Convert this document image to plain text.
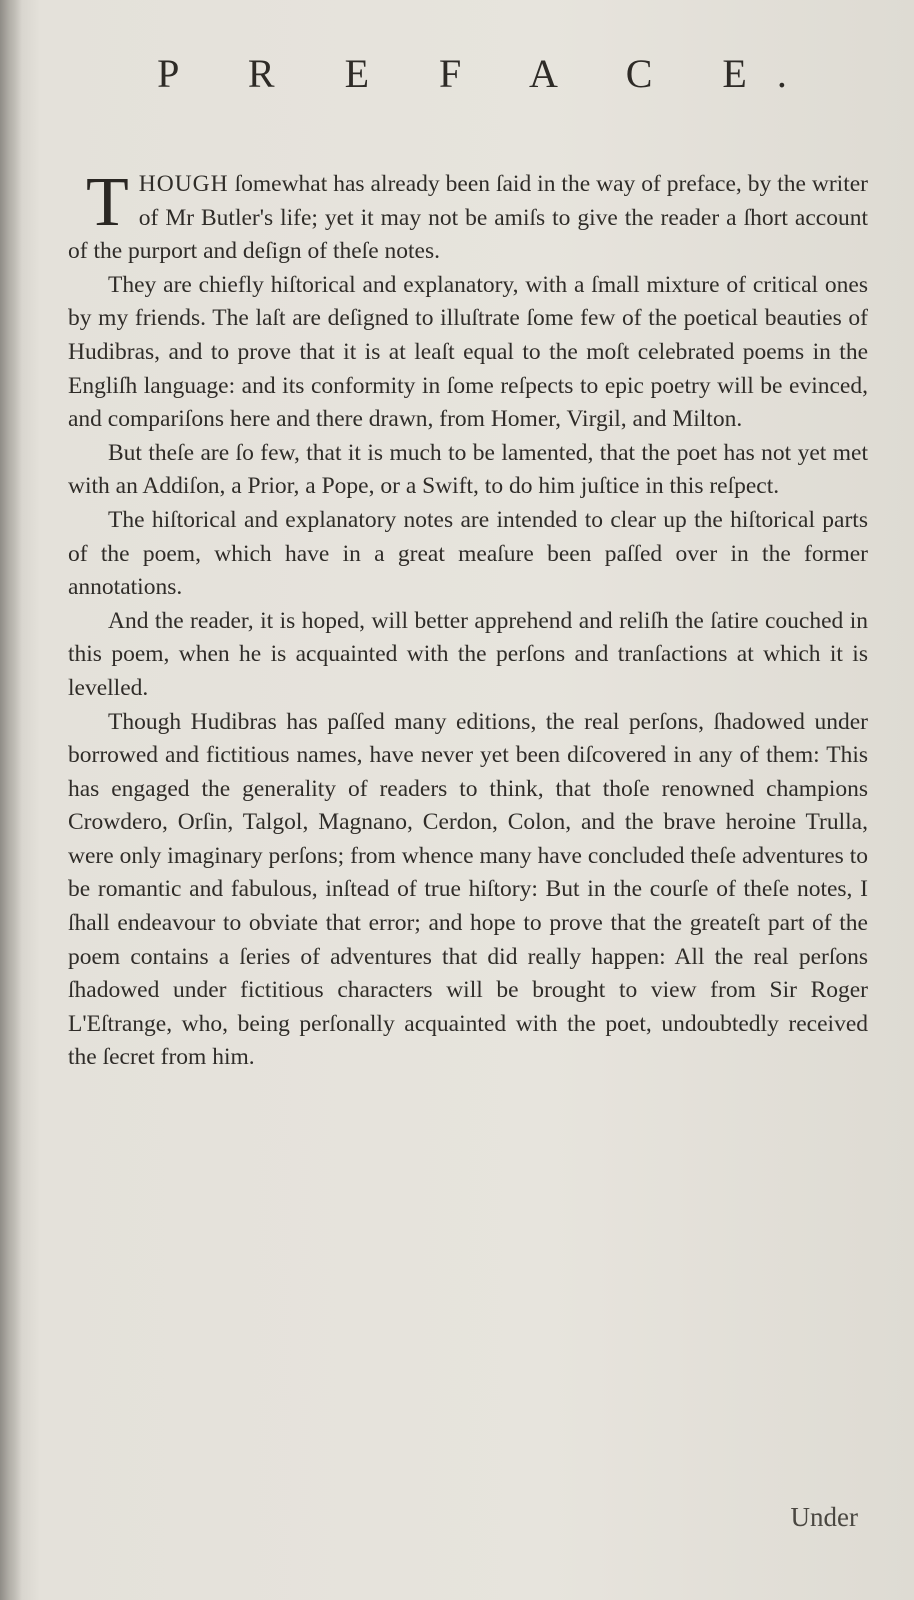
P R E F A C E.

THOUGH ſomewhat has already been ſaid in the way of preface, by the writer of Mr Butler's life; yet it may not be amiſs to give the reader a ſhort account of the purport and deſign of theſe notes.

They are chiefly hiſtorical and explanatory, with a ſmall mixture of critical ones by my friends. The laſt are deſigned to illuſtrate ſome few of the poetical beauties of Hudibras, and to prove that it is at leaſt equal to the moſt celebrated poems in the Engliſh language: and its conformity in ſome reſpects to epic poetry will be evinced, and compariſons here and there drawn, from Homer, Virgil, and Milton.

But theſe are ſo few, that it is much to be lamented, that the poet has not yet met with an Addiſon, a Prior, a Pope, or a Swift, to do him juſtice in this reſpect.

The hiſtorical and explanatory notes are intended to clear up the hiſtorical parts of the poem, which have in a great meaſure been paſſed over in the former annotations.

And the reader, it is hoped, will better apprehend and reliſh the ſatire couched in this poem, when he is acquainted with the perſons and tranſactions at which it is levelled.

Though Hudibras has paſſed many editions, the real perſons, ſhadowed under borrowed and fictitious names, have never yet been diſcovered in any of them: This has engaged the generality of readers to think, that thoſe renowned champions Crowdero, Orſin, Talgol, Magnano, Cerdon, Colon, and the brave heroine Trulla, were only imaginary perſons; from whence many have concluded theſe adventures to be romantic and fabulous, inſtead of true hiſtory: But in the courſe of theſe notes, I ſhall endeavour to obviate that error; and hope to prove that the greateſt part of the poem contains a ſeries of adventures that did really happen: All the real perſons ſhadowed under fictitious characters will be brought to view from Sir Roger L'Eſtrange, who, being perſonally acquainted with the poet, undoubtedly received the ſecret from him.

Under
